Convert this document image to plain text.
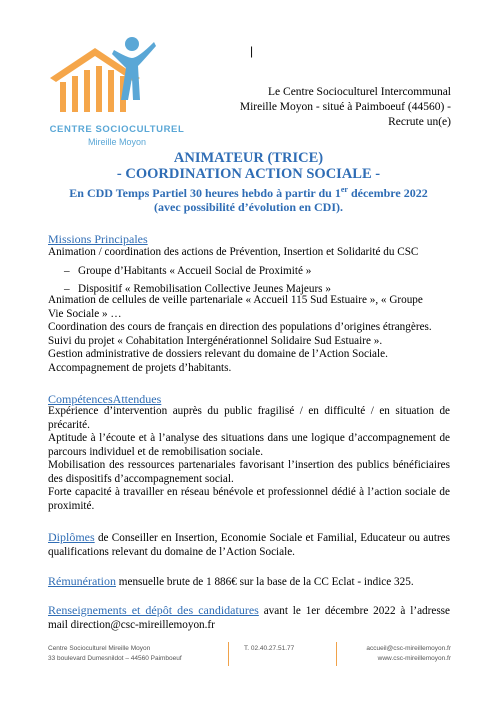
CENTRE SOCIOCULTUREL
Mireille Moyon
|
Le Centre Socioculturel Intercommunal
Mireille Moyon - situé à Paimboeuf (44560) -
Recrute un(e)
ANIMATEUR (TRICE)
- COORDINATION ACTION SOCIALE -
En CDD Temps Partiel 30 heures hebdo à partir du 1er décembre 2022
(avec possibilité d’évolution en CDI).
Missions Principales
Animation / coordination des actions de Prévention, Insertion et Solidarité du CSC
– Groupe d’Habitants « Accueil Social de Proximité »
– Dispositif « Remobilisation Collective Jeunes Majeurs »
Animation de cellules de veille partenariale « Accueil 115 Sud Estuaire », « Groupe
Vie Sociale » …
Coordination des cours de français en direction des populations d’origines étrangères.
Suivi du projet « Cohabitation Intergénérationnel Solidaire Sud Estuaire ».
Gestion administrative de dossiers relevant du domaine de l’Action Sociale.
Accompagnement de projets d’habitants.
CompétencesAttendues
Expérience d’intervention auprès du public fragilisé / en difficulté / en situation de précarité.
Aptitude à l’écoute et à l’analyse des situations dans une logique d’accompagnement de parcours individuel et de remobilisation sociale.
Mobilisation des ressources partenariales favorisant l’insertion des publics bénéficiaires des dispositifs d’accompagnement social.
Forte capacité à travailler en réseau bénévole et professionnel dédié à l’action sociale de proximité.
Diplômes de Conseiller en Insertion, Economie Sociale et Familial, Educateur ou autres qualifications relevant du domaine de l’Action Sociale.
Rémunération mensuelle brute de 1 886€ sur la base de la CC Eclat - indice 325.
Renseignements et dépôt des candidatures avant le 1er décembre 2022 à l’adresse mail direction@csc-mireillemoyon.fr
Centre Socioculturel Mireille Moyon
33 boulevard Dumesnildot – 44560 Paimboeuf
T. 02.40.27.51.77	accueil@csc-mireillemoyon.fr
www.csc-mireillemoyon.fr
